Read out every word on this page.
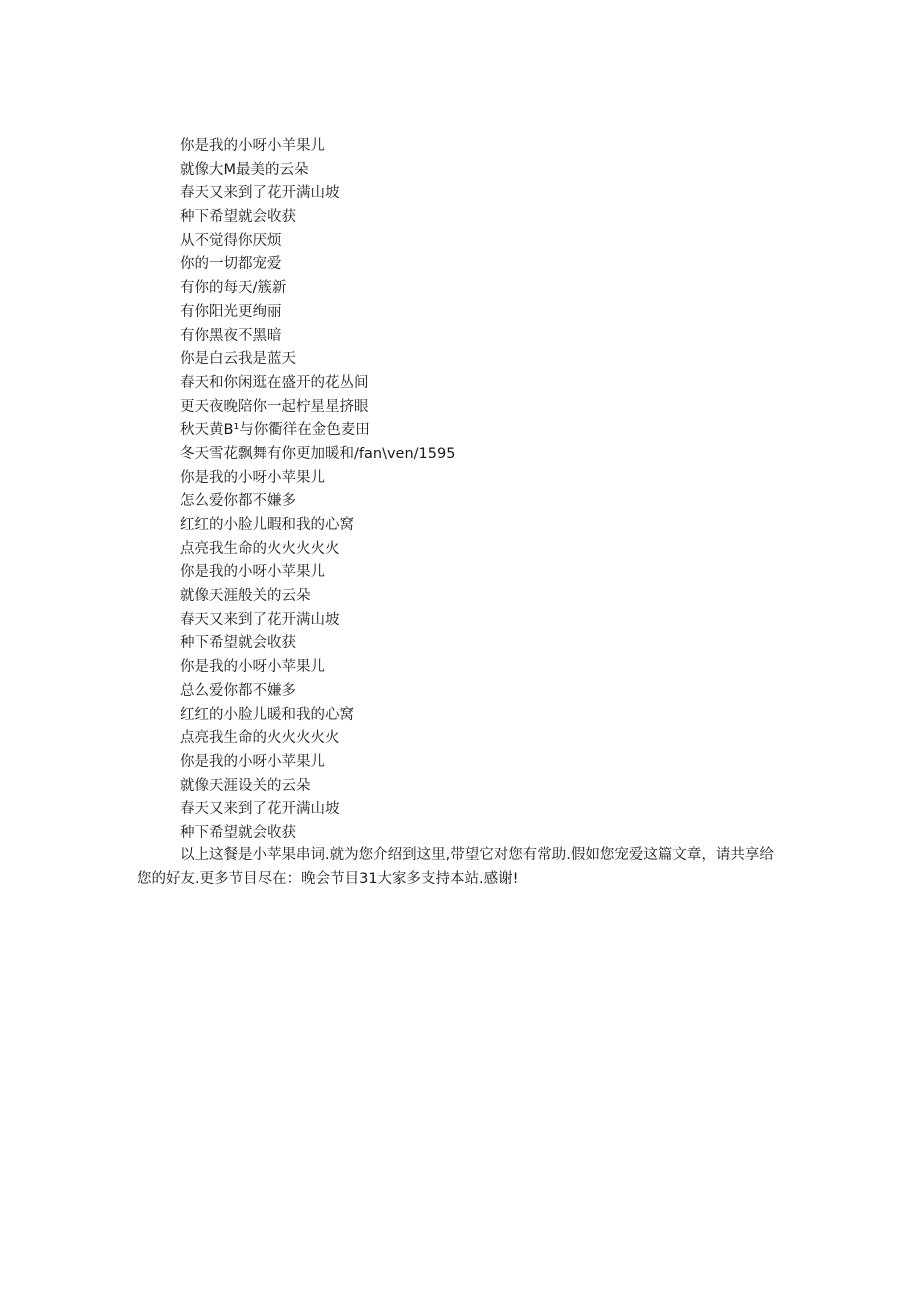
你是我的小呀小羊果儿
就像大M最美的云朵
春天又来到了花开满山坡
种下希望就会收获
从不觉得你厌烦
你的一切都宠爱
有你的每天/簇新
有你阳光更绚丽
有你黑夜不黑暗
你是白云我是蓝天
春天和你闲逛在盛开的花丛间
更天夜晚陪你一起柠星星挤眼
秋天黄B¹与你衢徉在金色麦田
冬天雪花飘舞有你更加暖和/fan\ven/1595
你是我的小呀小苹果儿
怎么爱你都不嫌多
红红的小脸儿暇和我的心窝
点亮我生命的火火火火火
你是我的小呀小苹果儿
就像天涯般关的云朵
春天又来到了花开满山坡
种下希望就会收获
你是我的小呀小苹果儿
总么爱你都不嫌多
红红的小脸儿暖和我的心窝
点亮我生命的火火火火火
你是我的小呀小苹果儿
就像天涯设关的云朵
春天又来到了花开满山坡
种下希望就会收获

以上这餐是小苹果串词.就为您介绍到这里,带望它对您有常助.假如您宠爱这篇文章，请共享给您的好友.更多节目尽在：晚会节目31大家多支持本站.感谢!
